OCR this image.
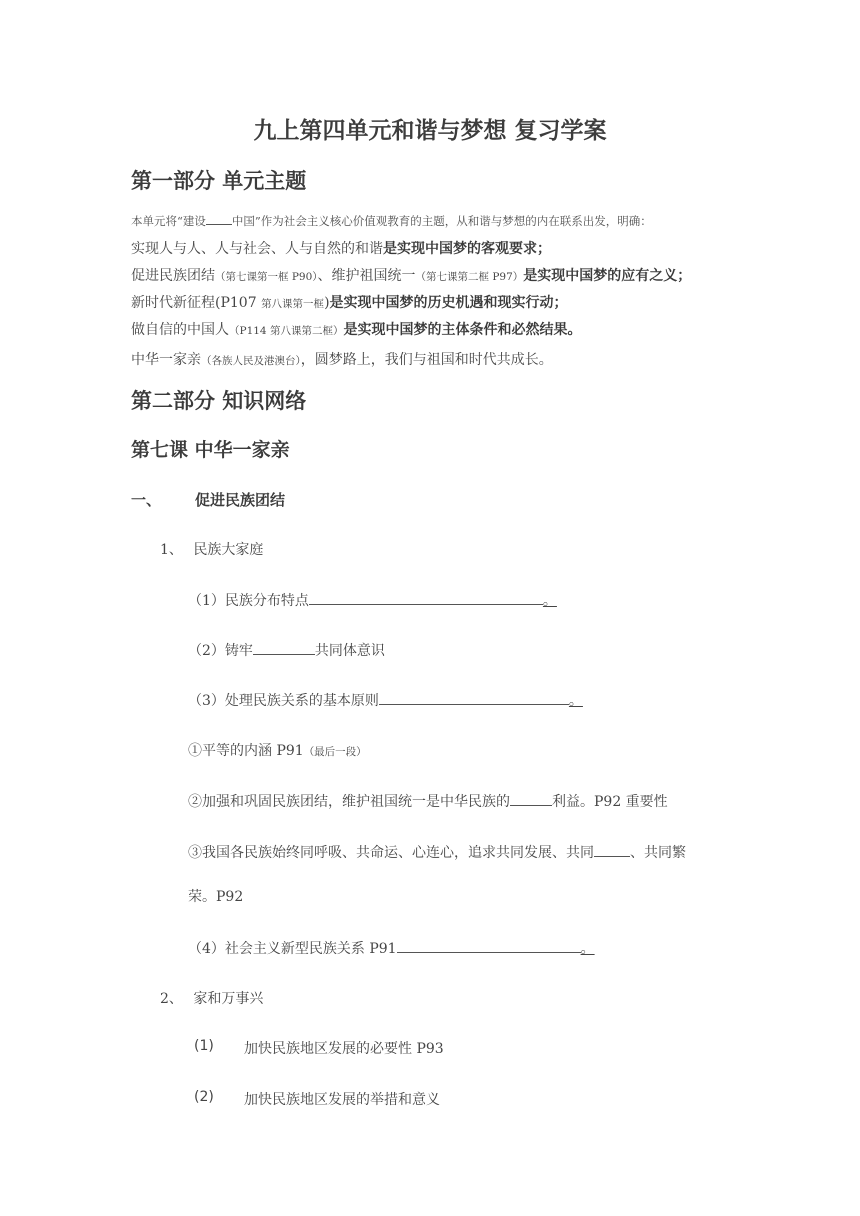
九上第四单元和谐与梦想 复习学案
第一部分 单元主题
本单元将“建设 中国”作为社会主义核心价值观教育的主题，从和谐与梦想的内在联系出发，明确：
实现人与人、人与社会、人与自然的和谐是实现中国梦的客观要求；
促进民族团结（第七课第一框 P90）、维护祖国统一（第七课第二框 P97）是实现中国梦的应有之义；
新时代新征程(P107 第八课第一框)是实现中国梦的历史机遇和现实行动；
做自信的中国人（P114 第八课第二框）是实现中国梦的主体条件和必然结果。
中华一家亲（各族人民及港澳台），圆梦路上，我们与祖国和时代共成长。
第二部分 知识网络
第七课 中华一家亲
一、 促进民族团结
1、 民族大家庭
（1）民族分布特点	。
（2）铸牢	共同体意识
（3）处理民族关系的基本原则	。
①平等的内涵 P91（最后一段）
②加强和巩固民族团结，维护祖国统一是中华民族的	利益。P92 重要性
③我国各民族始终同呼吸、共命运、心连心，追求共同发展、共同	、共同繁
荣。P92
（4）社会主义新型民族关系 P91	。
2、 家和万事兴
(1) 加快民族地区发展的必要性 P93
(2) 加快民族地区发展的举措和意义
